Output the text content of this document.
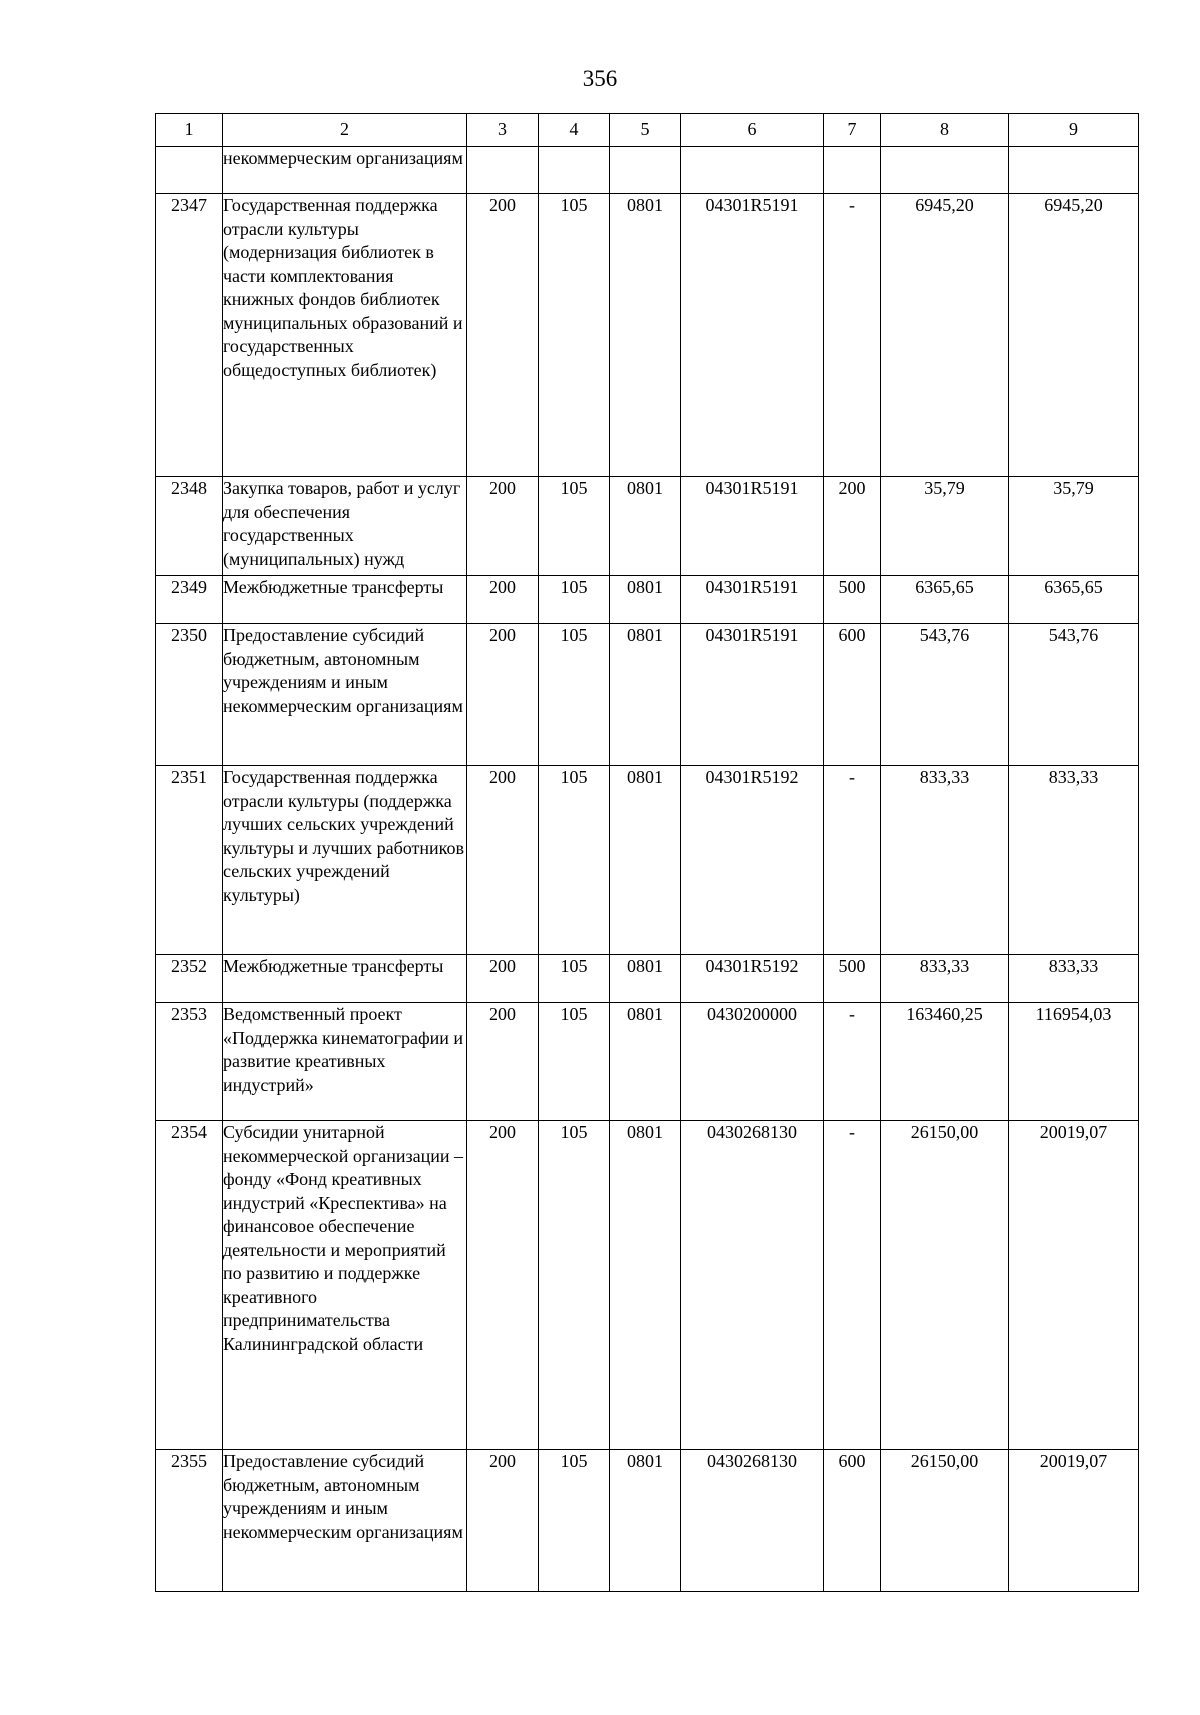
356
1	2	3	4	5	6	7	8	9
	некоммерческим организациям							
2347	Государственная поддержка отрасли культуры (модернизация библиотек в части комплектования книжных фондов библиотек муниципальных образований и государственных общедоступных библиотек)	200	105	0801	04301R5191	-	6945,20	6945,20
2348	Закупка товаров, работ и услуг для обеспечения государственных (муниципальных) нужд	200	105	0801	04301R5191	200	35,79	35,79
2349	Межбюджетные трансферты	200	105	0801	04301R5191	500	6365,65	6365,65
2350	Предоставление субсидий бюджетным, автономным учреждениям и иным некоммерческим организациям	200	105	0801	04301R5191	600	543,76	543,76
2351	Государственная поддержка отрасли культуры (поддержка лучших сельских учреждений культуры и лучших работников сельских учреждений культуры)	200	105	0801	04301R5192	-	833,33	833,33
2352	Межбюджетные трансферты	200	105	0801	04301R5192	500	833,33	833,33
2353	Ведомственный проект «Поддержка кинематографии и развитие креативных индустрий»	200	105	0801	0430200000	-	163460,25	116954,03
2354	Субсидии унитарной некоммерческой организации – фонду «Фонд креативных индустрий «Креспектива» на финансовое обеспечение деятельности и мероприятий по развитию и поддержке креативного предпринимательства Калининградской области	200	105	0801	0430268130	-	26150,00	20019,07
2355	Предоставление субсидий бюджетным, автономным учреждениям и иным некоммерческим организациям	200	105	0801	0430268130	600	26150,00	20019,07
